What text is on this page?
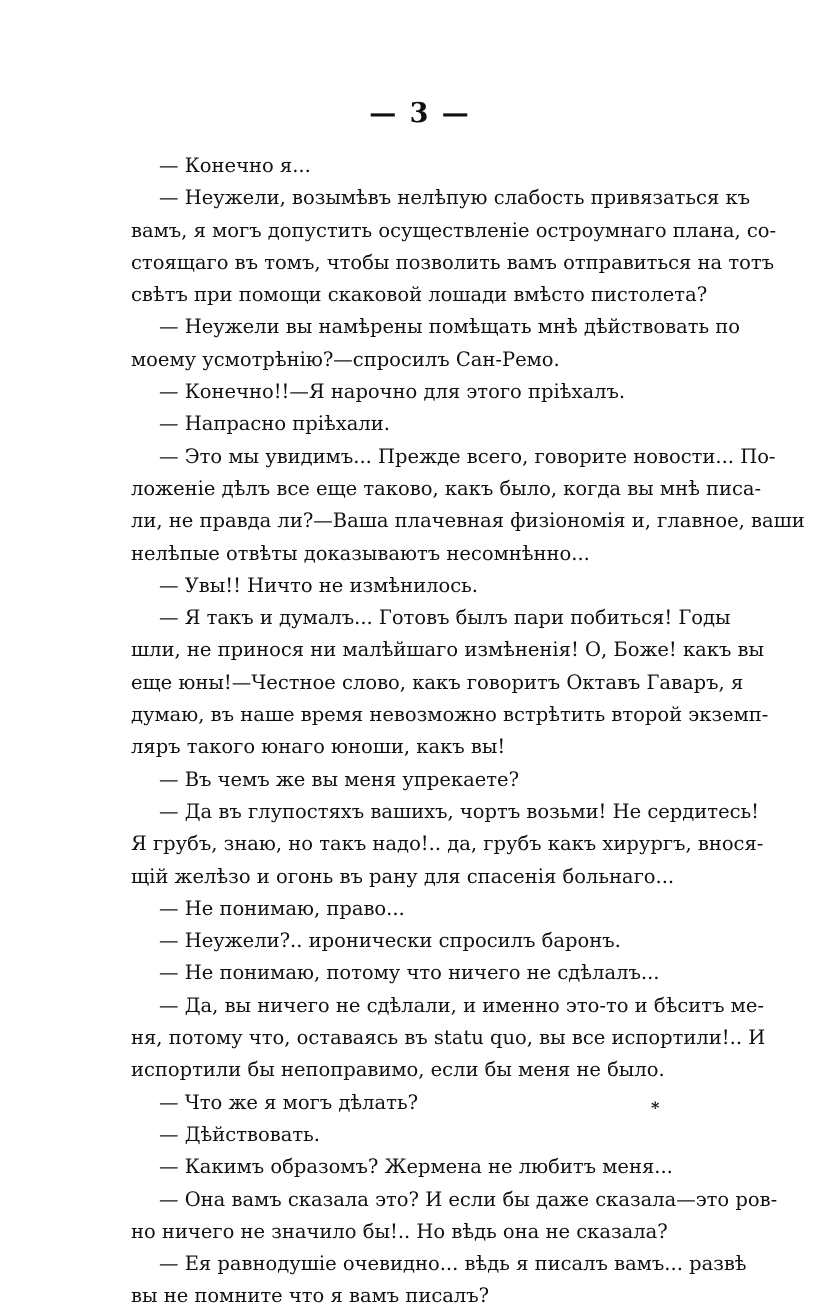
— 3 —
— Конечно я...
— Неужели, возымѣвъ нелѣпую слабость привязаться къ
вамъ, я могъ допустить осуществленіе остроумнаго плана, со-
стоящаго въ томъ, чтобы позволить вамъ отправиться на тотъ
свѣтъ при помощи скаковой лошади вмѣсто пистолета?
— Неужели вы намѣрены помѣщать мнѣ дѣйствовать по
моему усмотрѣнію?—спросилъ Сан-Ремо.
— Конечно!!—Я нарочно для этого пріѣхалъ.
— Напрасно пріѣхали.
— Это мы увидимъ... Прежде всего, говорите новости... По-
ложеніе дѣлъ все еще таково, какъ было, когда вы мнѣ писа-
ли, не правда ли?—Ваша плачевная физіономія и, главное, ваши
нелѣпые отвѣты доказываютъ несомнѣнно...
— Увы!! Ничто не измѣнилось.
— Я такъ и думалъ... Готовъ былъ пари побиться! Годы
шли, не принося ни малѣйшаго измѣненія! О, Боже! какъ вы
еще юны!—Честное слово, какъ говоритъ Октавъ Гаваръ, я
думаю, въ наше время невозможно встрѣтить второй экземп-
ляръ такого юнаго юноши, какъ вы!
— Въ чемъ же вы меня упрекаете?
— Да въ глупостяхъ вашихъ, чортъ возьми! Не сердитесь!
Я грубъ, знаю, но такъ надо!.. да, грубъ какъ хирургъ, внося-
щій желѣзо и огонь въ рану для спасенія больнаго...
— Не понимаю, право...
— Неужели?.. иронически спросилъ баронъ.
— Не понимаю, потому что ничего не сдѣлалъ...
— Да, вы ничего не сдѣлали, и именно это-то и бѣситъ ме-
ня, потому что, оставаясь въ statu quo, вы все испортили!.. И
испортили бы непоправимо, если бы меня не было.
— Что же я могъ дѣлать?
— Дѣйствовать.
— Какимъ образомъ? Жермена не любитъ меня...
— Она вамъ сказала это? И если бы даже сказала—это ров-
но ничего не значило бы!.. Но вѣдь она не сказала?
— Ея равнодушіе очевидно... вѣдь я писалъ вамъ... развѣ
вы не помните что я вамъ писалъ?
*
